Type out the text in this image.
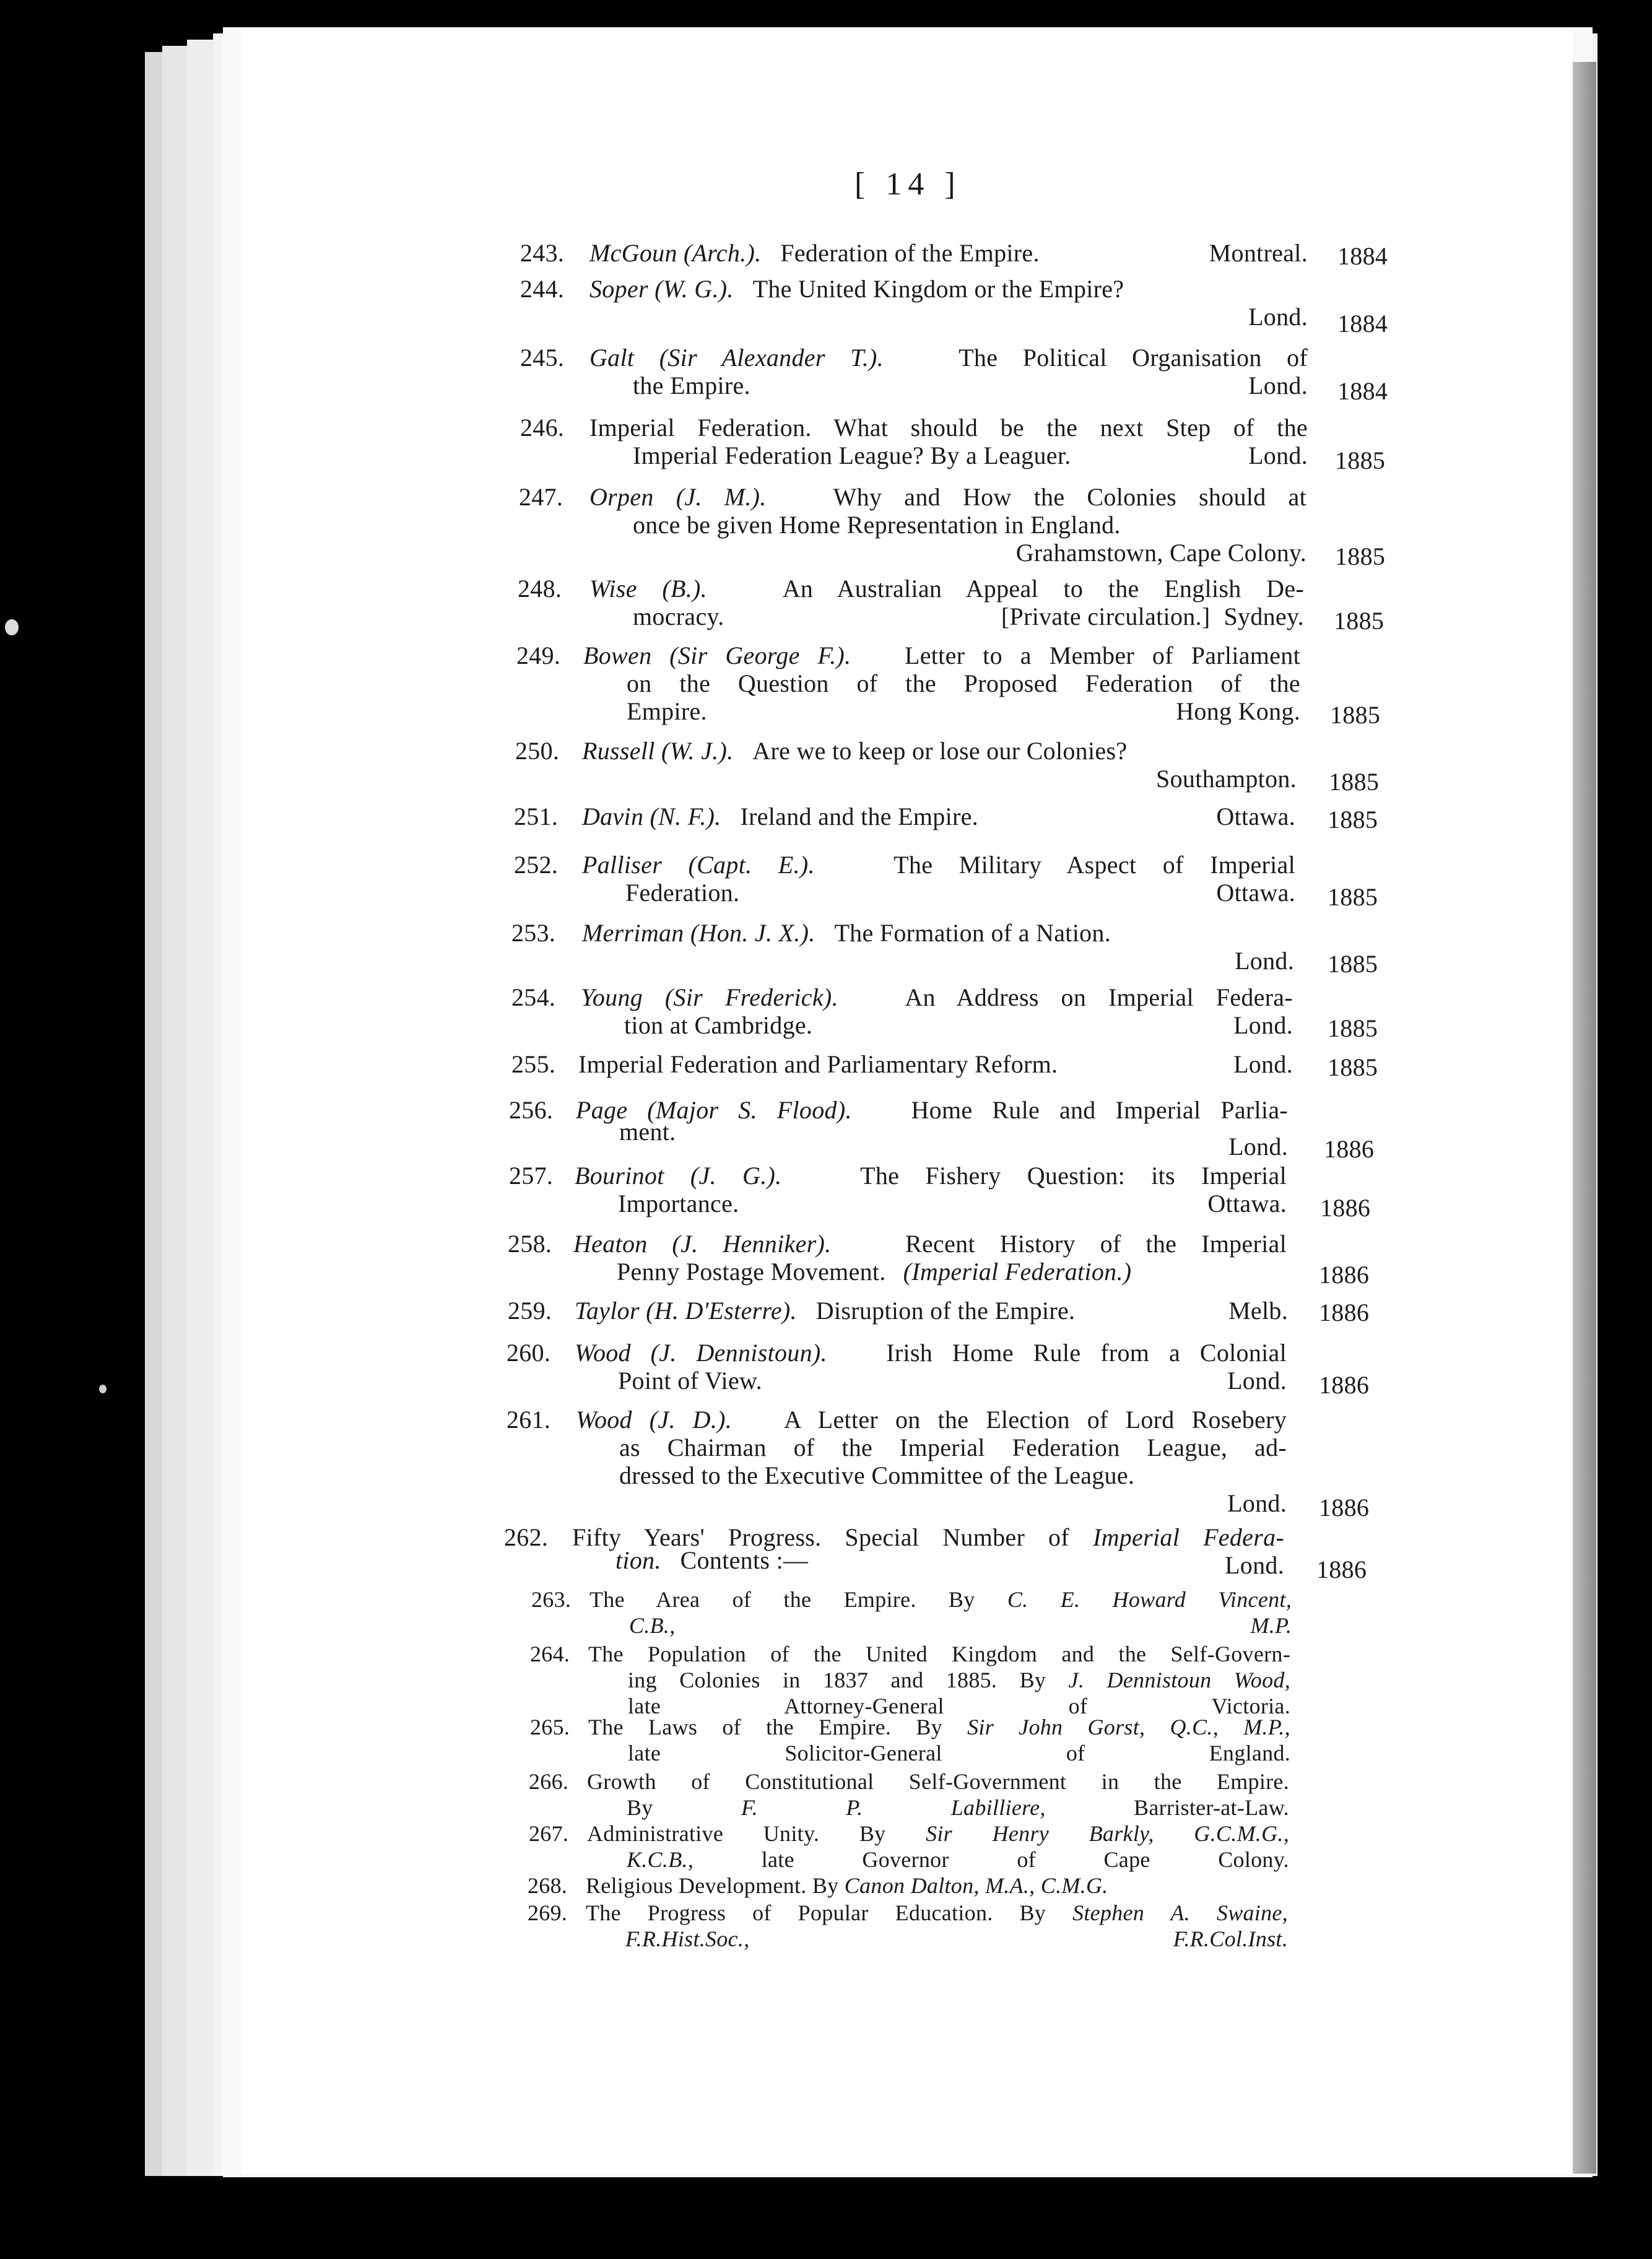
[ 14 ]
243. McGoun (Arch.). Federation of the Empire.	Montreal. 1884
244. Soper (W. G.). The United Kingdom or the Empire?
Lond. 1884
245. Galt (Sir Alexander T.).	The Political Organisation of
the Empire.	Lond. 1884
246. Imperial Federation. What should be the next Step of the
Imperial Federation League? By a Leaguer.	Lond. 1885
247. Orpen (J. M.).	Why and How the Colonies should at
once be given Home Representation in England.
Grahamstown, Cape Colony. 1885
248. Wise (B.).	An Australian Appeal to the English De-
mocracy.	[Private circulation.] Sydney. 1885
249. Bowen (Sir George F.). Letter to a Member of Parliament
on the Question of the Proposed Federation of the
Empire.	Hong Kong. 1885
250. Russell (W. J.). Are we to keep or lose our Colonies?
Southampton. 1885
251. Davin (N. F.). Ireland and the Empire.	Ottawa. 1885
252. Palliser (Capt. E.).	The Military Aspect of Imperial
Federation.	Ottawa. 1885
253. Merriman (Hon. J. X.). The Formation of a Nation.
Lond. 1885
254. Young (Sir Frederick).	An Address on Imperial Federa-
tion at Cambridge.	Lond. 1885
255. Imperial Federation and Parliamentary Reform.	Lond. 1885
256. Page (Major S. Flood). Home Rule and Imperial Parlia-
ment.
Lond. 1886
257. Bourinot (J. G.).	The Fishery Question: its Imperial
Importance.	Ottawa. 1886
258. Heaton (J. Henniker).	Recent History of the Imperial
Penny Postage Movement. (Imperial Federation.)	1886
259. Taylor (H. D'Esterre). Disruption of the Empire.	Melb. 1886
260. Wood (J. Dennistoun). Irish Home Rule from a Colonial
Point of View.	Lond. 1886
261. Wood (J. D.). A Letter on the Election of Lord Rosebery
as Chairman of the Imperial Federation League, ad-
dressed to the Executive Committee of the League.
Lond. 1886
262. Fifty Years' Progress. Special Number of Imperial Federa-
tion. Contents :—	Lond. 1886
263. The Area of the Empire. By C. E. Howard Vincent,
C.B., M.P.
264. The Population of the United Kingdom and the Self-Govern-
ing Colonies in 1837 and 1885. By J. Dennistoun Wood,
late Attorney-General of Victoria.
265. The Laws of the Empire. By Sir John Gorst, Q.C., M.P.,
late Solicitor-General of England.
266. Growth of Constitutional Self-Government in the Empire.
By	F. P. Labilliere,	Barrister-at-Law.
267. Administrative Unity. By Sir Henry Barkly, G.C.M.G.,
K.C.B.,	late Governor of Cape Colony.
268. Religious Development. By Canon Dalton, M.A., C.M.G.
269. The Progress of Popular Education. By Stephen A. Swaine,
F.R.Hist.Soc., F.R.Col.Inst.
